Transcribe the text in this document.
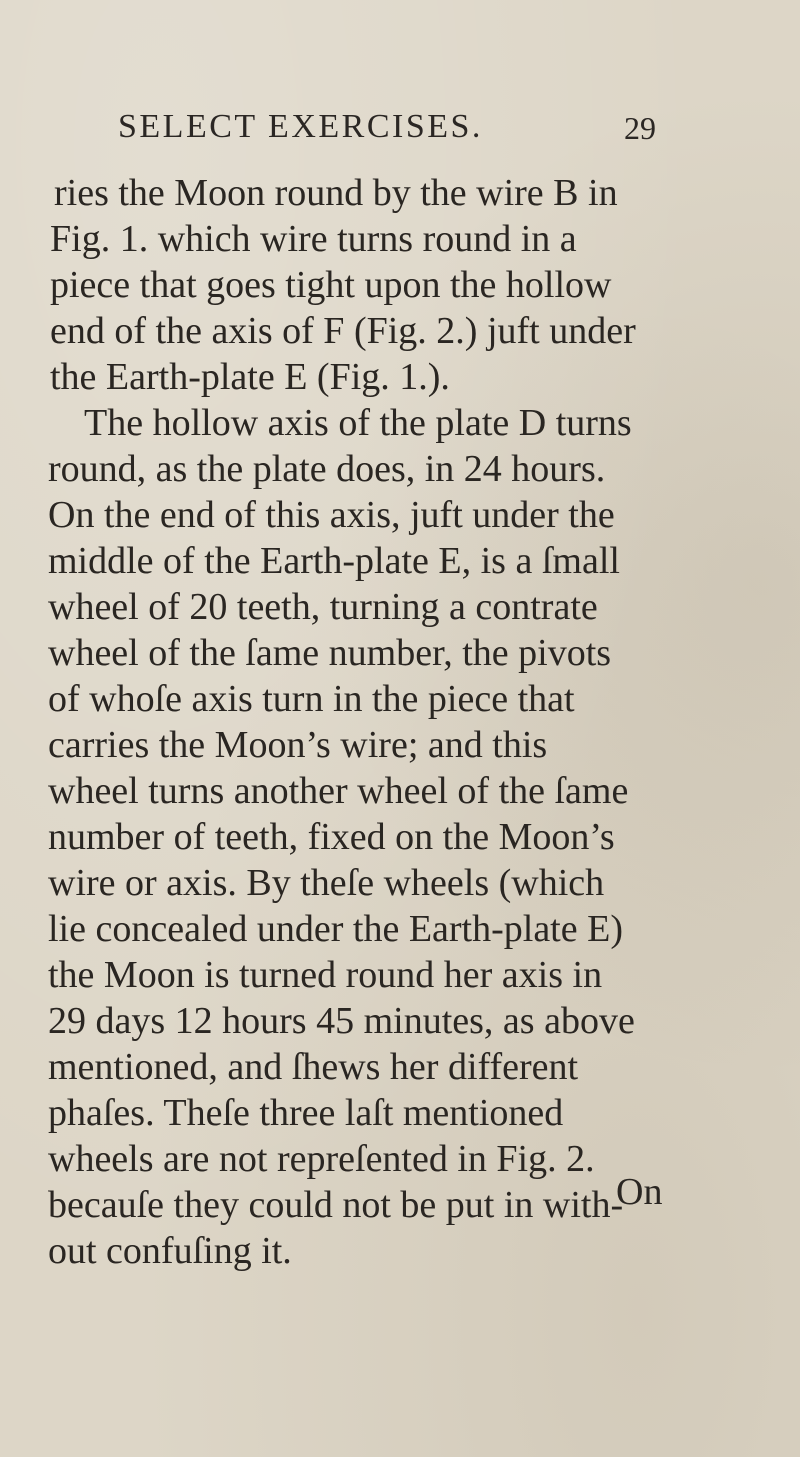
SELECT EXERCISES.	29
ries the Moon round by the wire B in
Fig. 1. which wire turns round in a
piece that goes tight upon the hollow
end of the axis of F (Fig. 2.) juft under
the Earth-plate E (Fig. 1.).
The hollow axis of the plate D turns
round, as the plate does, in 24 hours.
On the end of this axis, juft under the
middle of the Earth-plate E, is a ſmall
wheel of 20 teeth, turning a contrate
wheel of the ſame number, the pivots
of whoſe axis turn in the piece that
carries the Moon’s wire; and this
wheel turns another wheel of the ſame
number of teeth, fixed on the Moon’s
wire or axis. By theſe wheels (which
lie concealed under the Earth-plate E)
the Moon is turned round her axis in
29 days 12 hours 45 minutes, as above
mentioned, and ſhews her different
phaſes. Theſe three laſt mentioned
wheels are not repreſented in Fig. 2.
becauſe they could not be put in with-
out confuſing it.
On
